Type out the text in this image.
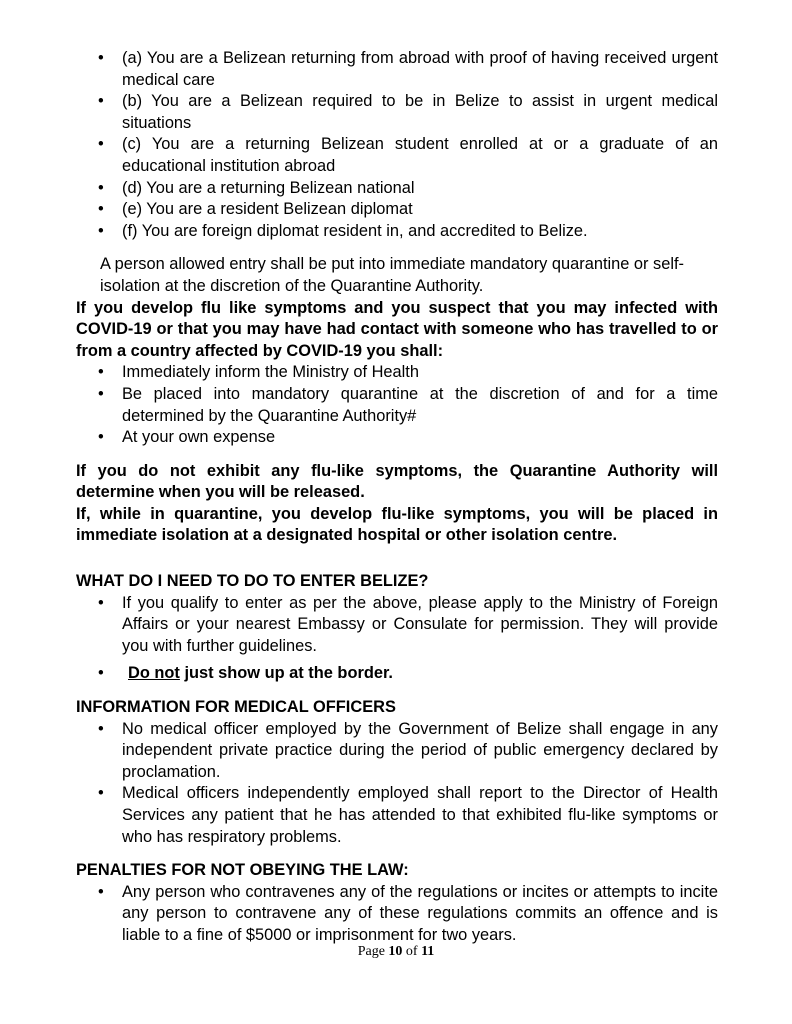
• (a) You are a Belizean returning from abroad with proof of having received urgent medical care
• (b) You are a Belizean required to be in Belize to assist in urgent medical situations
• (c) You are a returning Belizean student enrolled at or a graduate of an educational institution abroad
• (d) You are a returning Belizean national
• (e) You are a resident Belizean diplomat
• (f) You are foreign diplomat resident in, and accredited to Belize.
A person allowed entry shall be put into immediate mandatory quarantine or self-isolation at the discretion of the Quarantine Authority.
If you develop flu like symptoms and you suspect that you may infected with COVID-19 or that you may have had contact with someone who has travelled to or from a country affected by COVID-19 you shall:
• Immediately inform the Ministry of Health
• Be placed into mandatory quarantine at the discretion of and for a time determined by the Quarantine Authority#
• At your own expense
If you do not exhibit any flu-like symptoms, the Quarantine Authority will determine when you will be released.
If, while in quarantine, you develop flu-like symptoms, you will be placed in immediate isolation at a designated hospital or other isolation centre.
WHAT DO I NEED TO DO TO ENTER BELIZE?
• If you qualify to enter as per the above, please apply to the Ministry of Foreign Affairs or your nearest Embassy or Consulate for permission. They will provide you with further guidelines.
• Do not just show up at the border.
INFORMATION FOR MEDICAL OFFICERS
• No medical officer employed by the Government of Belize shall engage in any independent private practice during the period of public emergency declared by proclamation.
• Medical officers independently employed shall report to the Director of Health Services any patient that he has attended to that exhibited flu-like symptoms or who has respiratory problems.
PENALTIES FOR NOT OBEYING THE LAW:
• Any person who contravenes any of the regulations or incites or attempts to incite any person to contravene any of these regulations commits an offence and is liable to a fine of $5000 or imprisonment for two years.
Page 10 of 11
